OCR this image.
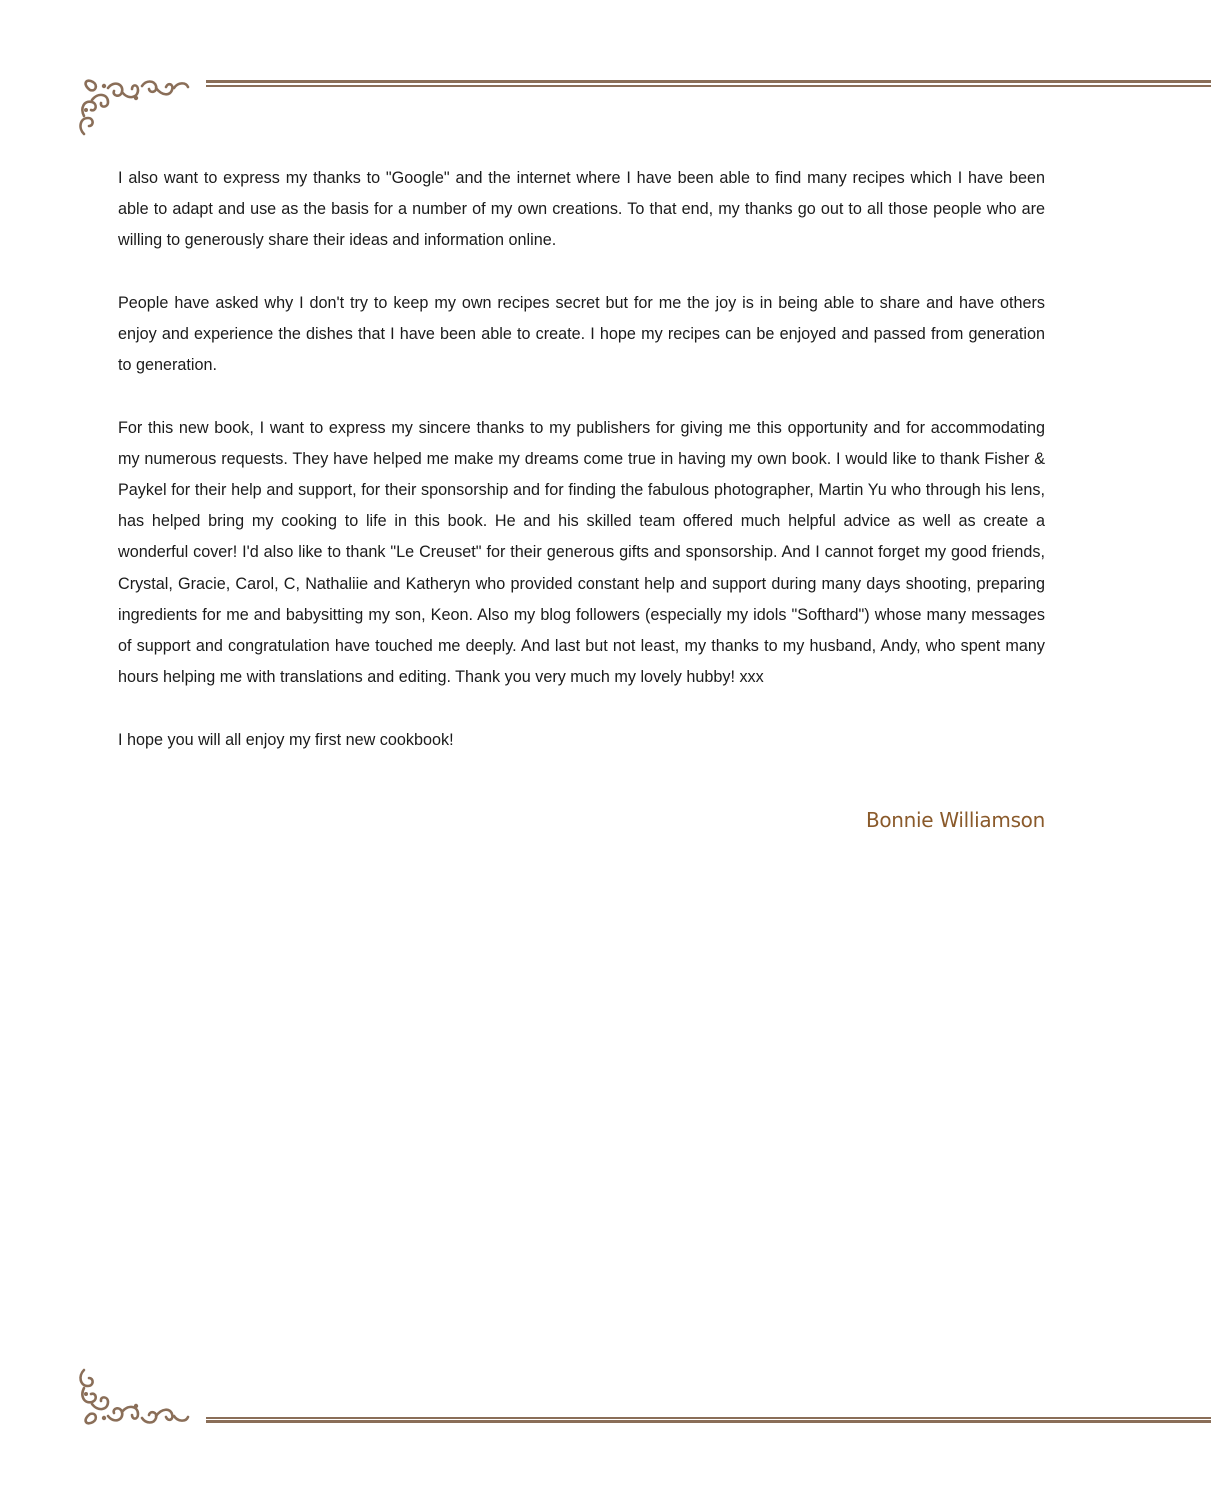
I also want to express my thanks to "Google" and the internet where I have been able to find many recipes which I have been able to adapt and use as the basis for a number of my own creations. To that end, my thanks go out to all those people who are willing to generously share their ideas and information online.

People have asked why I don't try to keep my own recipes secret but for me the joy is in being able to share and have others enjoy and experience the dishes that I have been able to create. I hope my recipes can be enjoyed and passed from generation to generation.

For this new book, I want to express my sincere thanks to my publishers for giving me this opportunity and for accommodating my numerous requests. They have helped me make my dreams come true in having my own book. I would like to thank Fisher & Paykel for their help and support, for their sponsorship and for finding the fabulous photographer, Martin Yu who through his lens, has helped bring my cooking to life in this book. He and his skilled team offered much helpful advice as well as create a wonderful cover! I'd also like to thank "Le Creuset" for their generous gifts and sponsorship. And I cannot forget my good friends, Crystal, Gracie, Carol, C, Nathaliie and Katheryn who provided constant help and support during many days shooting, preparing ingredients for me and babysitting my son, Keon. Also my blog followers (especially my idols "Softhard") whose many messages of support and congratulation have touched me deeply. And last but not least, my thanks to my husband, Andy, who spent many hours helping me with translations and editing. Thank you very much my lovely hubby! xxx

I hope you will all enjoy my first new cookbook!

Bonnie Williamson
